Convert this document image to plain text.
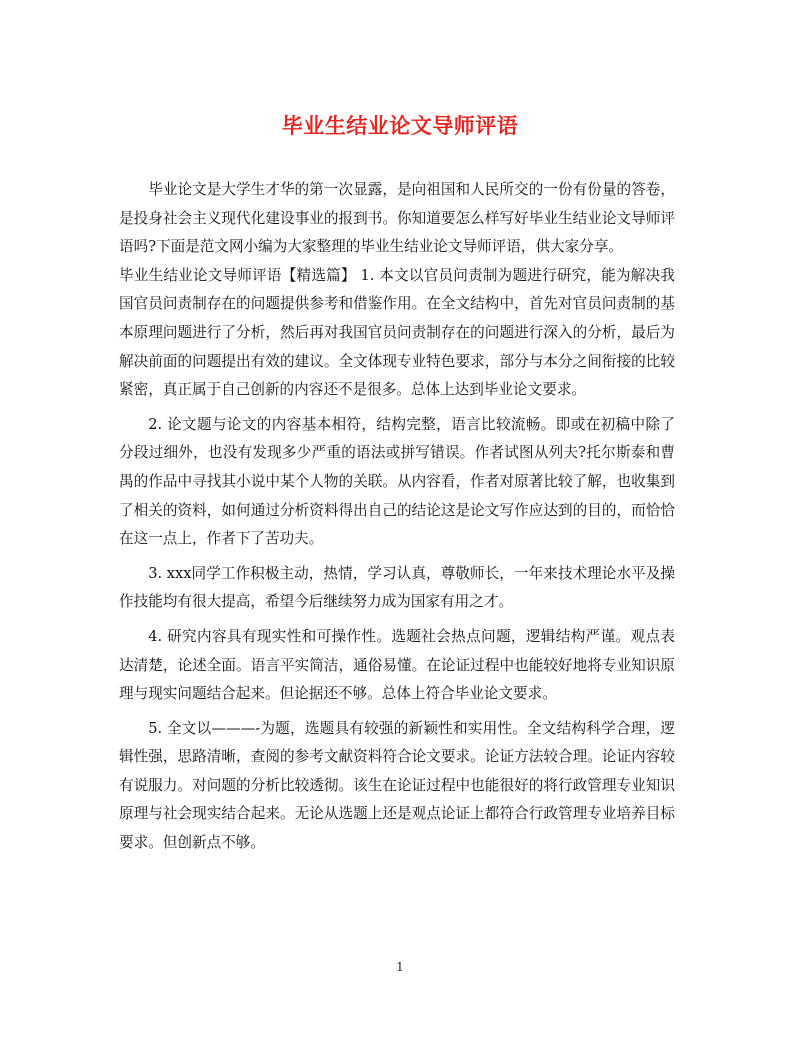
毕业生结业论文导师评语

毕业论文是大学生才华的第一次显露，是向祖国和人民所交的一份有份量的答卷，是投身社会主义现代化建设事业的报到书。你知道要怎么样写好毕业生结业论文导师评语吗?下面是范文网小编为大家整理的毕业生结业论文导师评语，供大家分享。

毕业生结业论文导师评语【精选篇】 1. 本文以官员问责制为题进行研究，能为解决我国官员问责制存在的问题提供参考和借鉴作用。在全文结构中，首先对官员问责制的基本原理问题进行了分析，然后再对我国官员问责制存在的问题进行深入的分析，最后为解决前面的问题提出有效的建议。全文体现专业特色要求，部分与本分之间衔接的比较紧密，真正属于自己创新的内容还不是很多。总体上达到毕业论文要求。

2. 论文题与论文的内容基本相符，结构完整，语言比较流畅。即或在初稿中除了分段过细外，也没有发现多少严重的语法或拼写错误。作者试图从列夫?托尔斯泰和曹禺的作品中寻找其小说中某个人物的关联。从内容看，作者对原著比较了解，也收集到了相关的资料，如何通过分析资料得出自己的结论这是论文写作应达到的目的，而恰恰在这一点上，作者下了苦功夫。

3. xxx同学工作积极主动，热情，学习认真，尊敬师长，一年来技术理论水平及操作技能均有很大提高，希望今后继续努力成为国家有用之才。

4. 研究内容具有现实性和可操作性。选题社会热点问题，逻辑结构严谨。观点表达清楚，论述全面。语言平实简洁，通俗易懂。在论证过程中也能较好地将专业知识原理与现实问题结合起来。但论据还不够。总体上符合毕业论文要求。

5. 全文以———-为题，选题具有较强的新颖性和实用性。全文结构科学合理，逻辑性强，思路清晰，查阅的参考文献资料符合论文要求。论证方法较合理。论证内容较有说服力。对问题的分析比较透彻。该生在论证过程中也能很好的将行政管理专业知识原理与社会现实结合起来。无论从选题上还是观点论证上都符合行政管理专业培养目标要求。但创新点不够。

1
